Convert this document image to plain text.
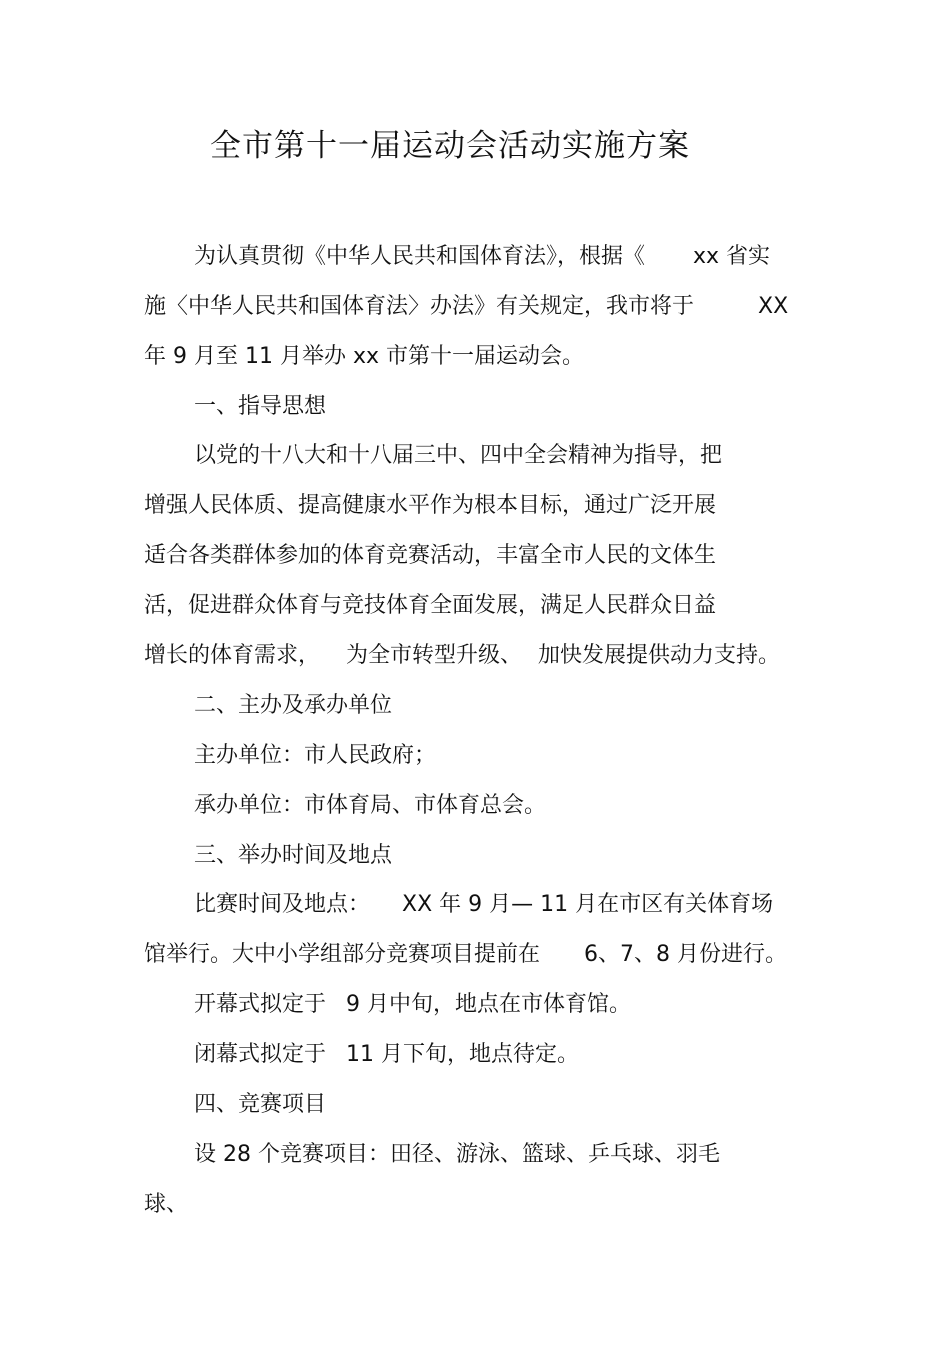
全市第十一届运动会活动实施方案
为认真贯彻《中华人民共和国体育法》，根据《 xx 省实
施〈中华人民共和国体育法〉办法》有关规定，我市将于	XX
年 9 月至 11 月举办 xx 市第十一届运动会。
一、指导思想
以党的十八大和十八届三中、四中全会精神为指导，把
增强人民体质、提高健康水平作为根本目标，通过广泛开展
适合各类群体参加的体育竞赛活动，丰富全市人民的文体生
活，促进群众体育与竞技体育全面发展，满足人民群众日益
增长的体育需求， 为全市转型升级、 加快发展提供动力支持。
二、主办及承办单位
主办单位：市人民政府；
承办单位：市体育局、市体育总会。
三、举办时间及地点
比赛时间及地点： XX 年 9 月— 11 月在市区有关体育场
馆举行。大中小学组部分竞赛项目提前在 6、7、8 月份进行。
开幕式拟定于 9 月中旬，地点在市体育馆。
闭幕式拟定于 11 月下旬，地点待定。
四、竞赛项目
设 28 个竞赛项目：田径、游泳、篮球、乒乓球、羽毛
球、
